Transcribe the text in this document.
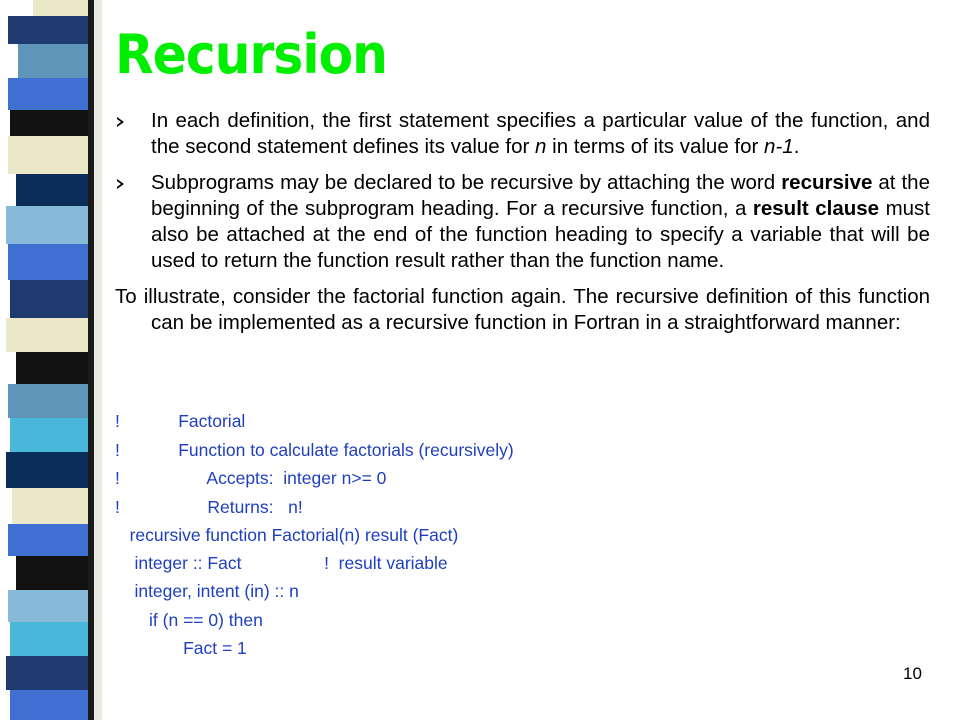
Recursion
In each definition, the first statement specifies a particular value of the function, and the second statement defines its value for n in terms of its value for n-1.
Subprograms may be declared to be recursive by attaching the word recursive at the beginning of the subprogram heading. For a recursive function, a result clause must also be attached at the end of the function heading to specify a variable that will be used to return the function result rather than the function name.
To illustrate, consider the factorial function again. The recursive definition of this function can be implemented as a recursive function in Fortran in a straightforward manner:
!            Factorial
!            Function to calculate factorials (recursively)
!                  Accepts:  integer n>= 0
!                  Returns:   n!
recursive function Factorial(n) result (Fact)
integer :: Fact                 !  result variable
integer, intent (in) :: n
if (n == 0) then
Fact = 1
10
